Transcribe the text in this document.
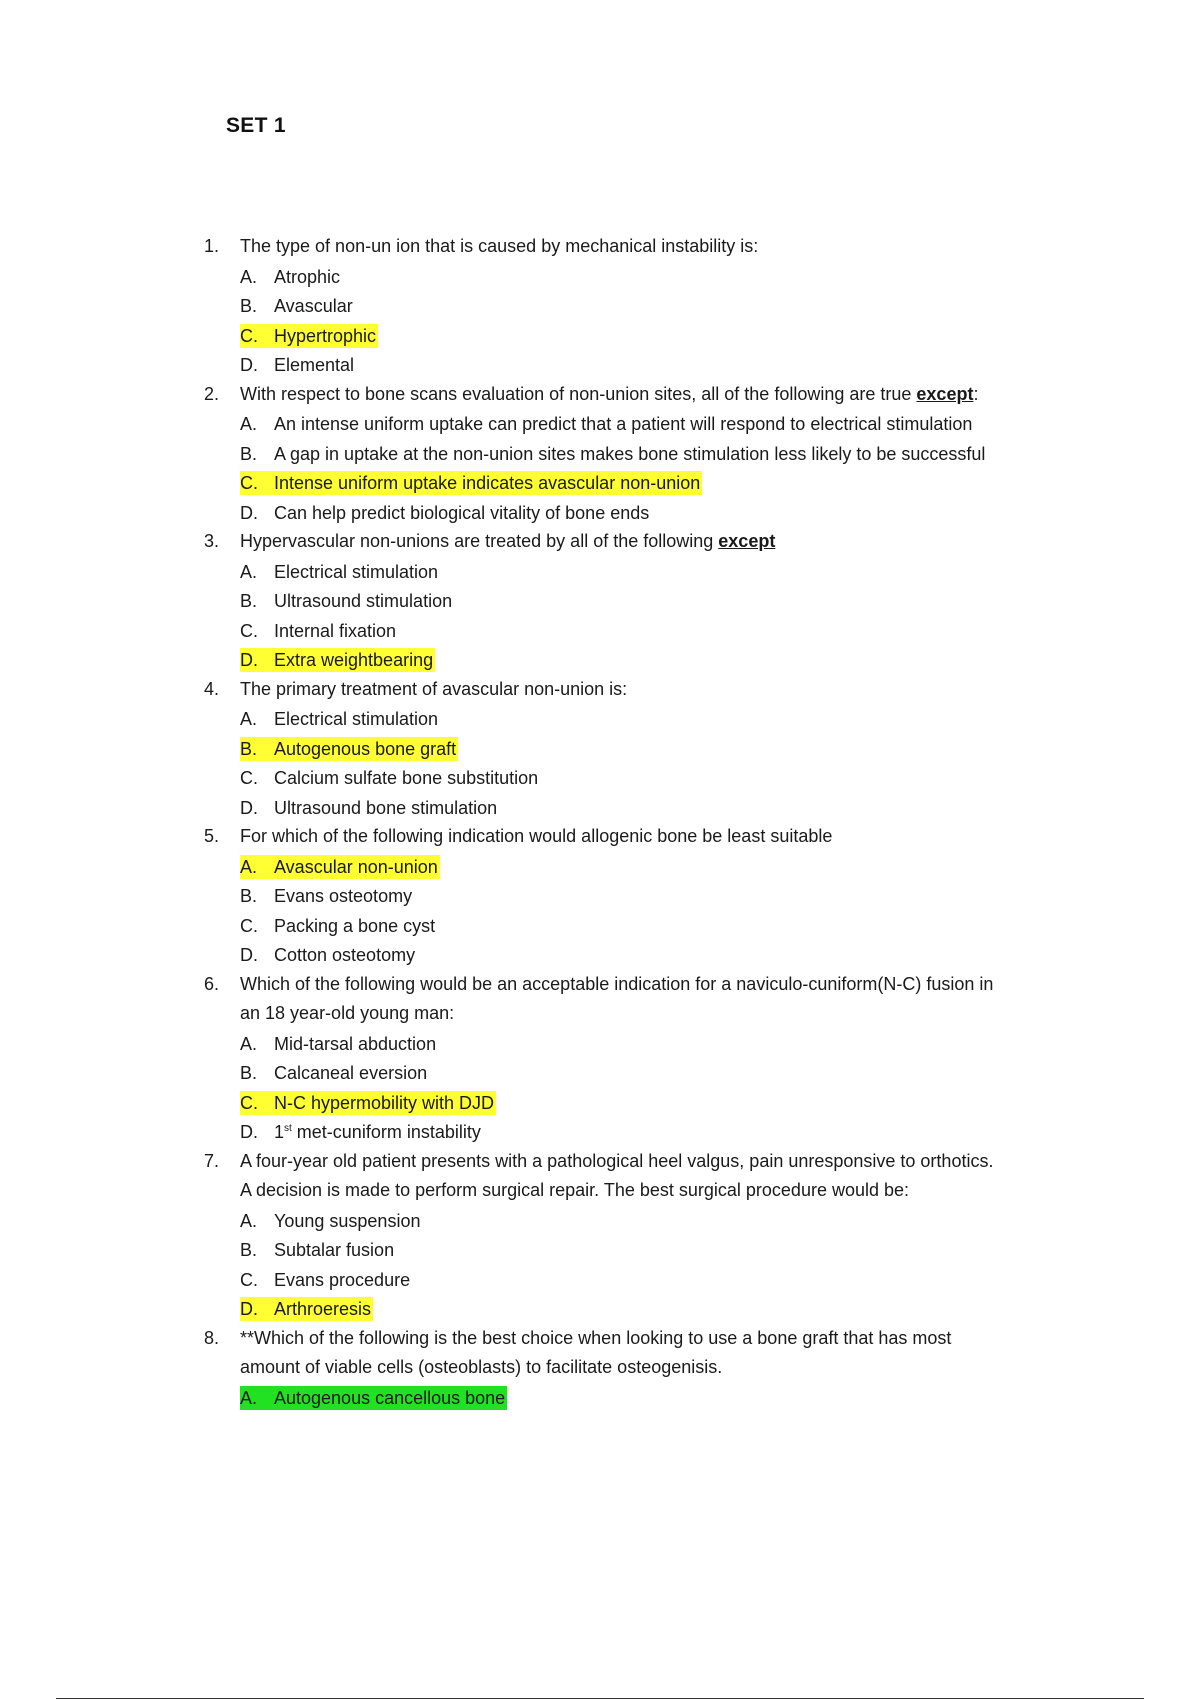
SET 1
1. The type of non-un ion that is caused by mechanical instability is:
A. Atrophic
B. Avascular
C. Hypertrophic
D. Elemental
2. With respect to bone scans evaluation of non-union sites, all of the following are true except:
A. An intense uniform uptake can predict that a patient will respond to electrical stimulation
B. A gap in uptake at the non-union sites makes bone stimulation less likely to be successful
C. Intense uniform uptake indicates avascular non-union
D. Can help predict biological vitality of bone ends
3. Hypervascular non-unions are treated by all of the following except
A. Electrical stimulation
B. Ultrasound stimulation
C. Internal fixation
D. Extra weightbearing
4. The primary treatment of avascular non-union is:
A. Electrical stimulation
B. Autogenous bone graft
C. Calcium sulfate bone substitution
D. Ultrasound bone stimulation
5. For which of the following indication would allogenic bone be least suitable
A. Avascular non-union
B. Evans osteotomy
C. Packing a bone cyst
D. Cotton osteotomy
6. Which of the following would be an acceptable indication for a naviculo-cuniform(N-C) fusion in
an 18 year-old young man:
A. Mid-tarsal abduction
B. Calcaneal eversion
C. N-C hypermobility with DJD
D. 1st met-cuniform instability
7. A four-year old patient presents with a pathological heel valgus, pain unresponsive to orthotics.
A decision is made to perform surgical repair. The best surgical procedure would be:
A. Young suspension
B. Subtalar fusion
C. Evans procedure
D. Arthroeresis
8. **Which of the following is the best choice when looking to use a bone graft that has most
amount of viable cells (osteoblasts) to facilitate osteogenisis.
A. Autogenous cancellous bone
